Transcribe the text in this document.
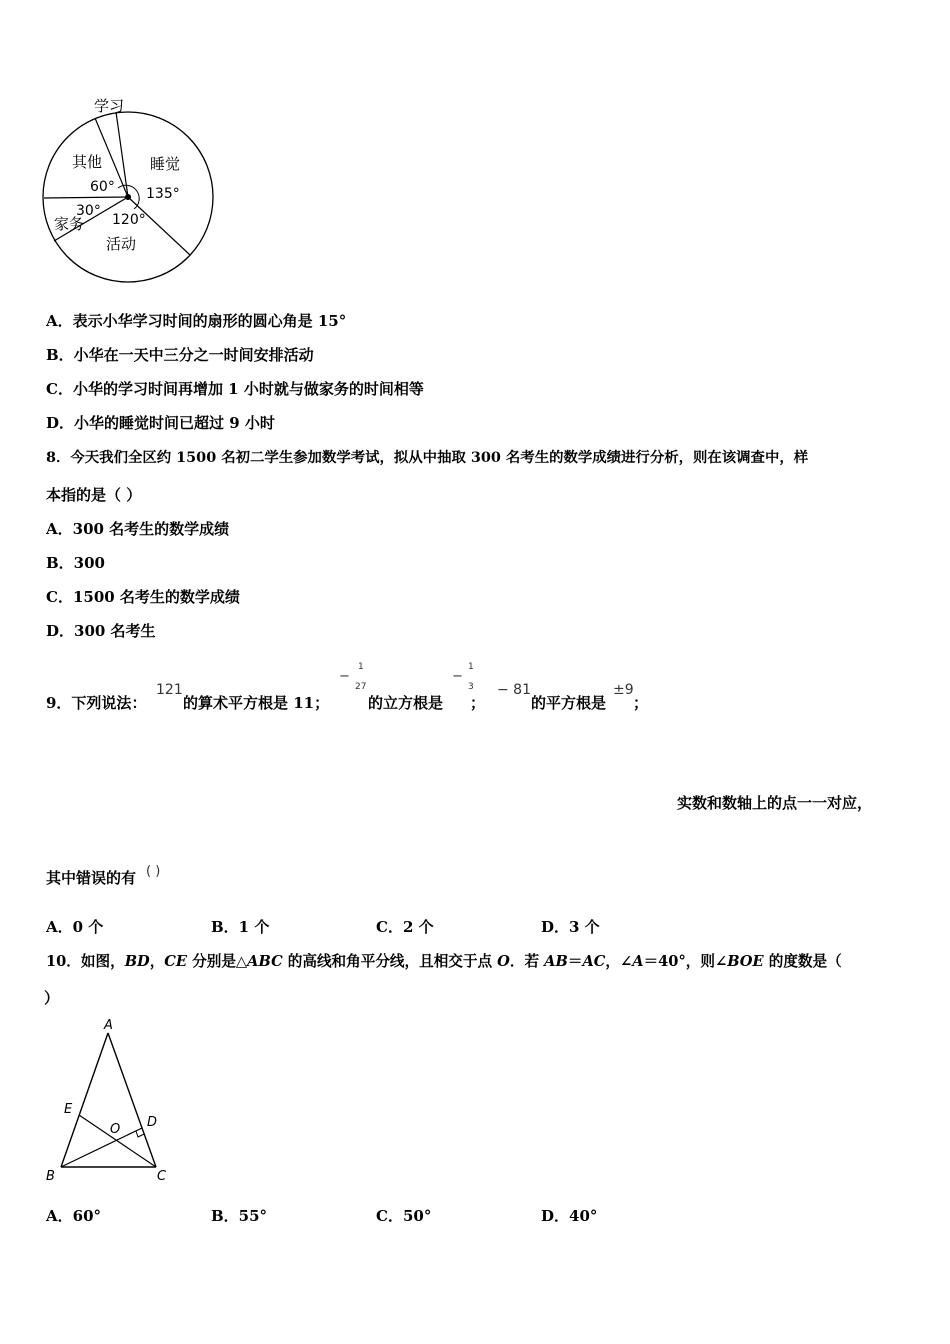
学习
其他	睡觉
60° 135°
30°
家务 120°
活动
A．表示小华学习时间的扇形的圆心角是 15°
B．小华在一天中三分之一时间安排活动
C．小华的学习时间再增加 1 小时就与做家务的时间相等
D．小华的睡觉时间已超过 9 小时
8．今天我们全区约 1500 名初二学生参加数学考试，拟从中抽取 300 名考生的数学成绩进行分析，则在该调查中，样
本指的是（ ）
A．300 名考生的数学成绩
B．300
C．1500 名考生的数学成绩
D．300 名考生
9．下列说法：
121
的算术平方根是 11；
−
1
27
的立方根是
−
1
3
；
− 81
的平方根是
±9
；
实数和数轴上的点一一对应，
其中错误的有 ( )
A．0 个	B．1 个	C．2 个	D．3 个
10．如图，BD，CE 分别是△ABC 的高线和角平分线，且相交于点 O．若 AB＝AC，∠A＝40°，则∠BOE 的度数是（
）
A
E
O D
B	C
A．60°	B．55°	C．50°	D．40°
